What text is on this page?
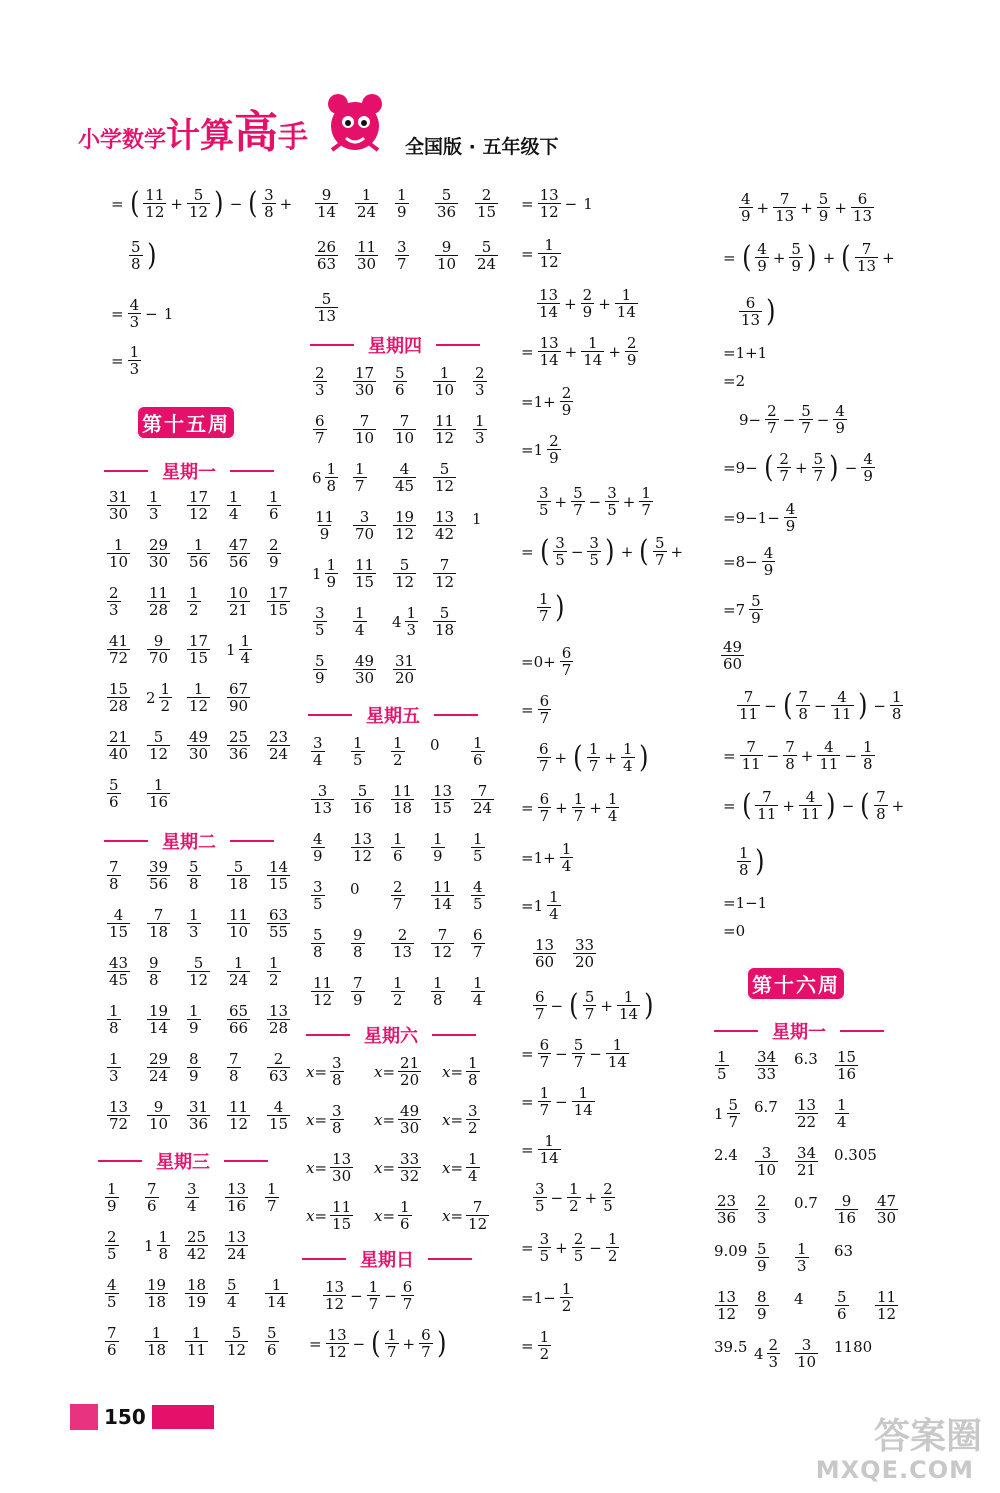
小学数学计算高手	全国版 · 五年级下
= ( 11
12 + 5
12 ) − ( 3
8 +
5
8 )
= 4
3 − 1
= 1
3
第十五周
星期一
31
30
1
3
17
12
1
4
1
6
1
10
29
30
1
56
47
56
2
9
2
3
11
28
1
2
10
21
17
15
41
72
9
70
17
15 1 1
4
15
28 2 1
2
1
12
67
90
21
40
5
12
49
30
25
36
23
24
5
6
1
16
星期二
7
8
39
56
5
8
5
18
14
15
4
15
7
18
1
3
11
10
63
55
43
45
9
8
5
12
1
24
1
2
1
8
19
14
1
9
65
66
13
28
1
3
29
24
8
9
7
8
2
63
13
72
9
10
31
36
11
12
4
15
星期三
1
9
7
6
3
4
13
16
1
7
2
5 1 1
8
25
42
13
24
4
5
19
18
18
19
5
4
1
14
7
6
1
18
1
11
5
12
5
6
9
14
1
24
1
9
5
36
2
15
26
63
11
30
3
7
9
10
5
24
5
13
星期四
2
3
17
30
5
6
1
10
2
3
6
7
7
10
7
10
11
12
1
3
6 1
8
1
7
4
45
5
12
11
9
3
70
19
12
13
42
1
1 1
9
11
15
5
12
7
12
3
5
1
4 4 1
3
5
18
5
9
49
30
31
20
星期五
3
4
1
5
1
2
0 1
6
3
13
5
16
11
18
13
15
7
24
4
9
13
12
1
6
1
9
1
5
3
5
0 2
7
11
14
4
5
5
8
9
8
2
13
7
12
6
7
11
12
7
9
1
2
1
8
1
4
星期六
$x= \frac{3}{8} x= \frac{21}{20} x= \frac{1}{8}$
$x= \frac{3}{8} x= \frac{49}{30} x= \frac{3}{2}$
$x= \frac{13}{30} x= \frac{33}{32} x= \frac{1}{4}$
$x= \frac{11}{15} x= \frac{1}{6} x= \frac{7}{12}$
星期日
13
12 − 1
7 − 6
7
= 13
12 − ( 1
7 + 6
7 )
= 13
12 − 1
= 1
12
13
14 + 2
9 + 1
14
= 13
14 + 1
14 + 2
9
=1+ 2
9
=1 2
9
3
5 + 5
7 − 3
5 + 1
7
= ( 3
5 − 3
5 ) + ( 5
7 +
1
7 )
=0+ 6
7
= 6
7
6
7 + ( 1
7 + 1
4 )
= 6
7 + 1
7 + 1
4
=1+ 1
4
=1 1
4
13
60
33
20
6
7 − ( 5
7 + 1
14 )
= 6
7 − 5
7 − 1
14
= 1
7 − 1
14
= 1
14
3
5 − 1
2 + 2
5
= 3
5 + 2
5 − 1
2
=1− 1
2
= 1
2
4
9 + 7
13 + 5
9 + 6
13
= ( 4
9 + 5
9 ) + ( 7
13 +
6
13 )
=1+1
=2
9− 2
7 − 5
7 − 4
9
=9− ( 2
7 + 5
7 ) − 4
9
=9−1− 4
9
=8− 4
9
=7 5
9
49
60
7
11 − ( 7
8 − 4
11 ) − 1
8
= 7
11 − 7
8 + 4
11 − 1
8
= ( 7
11 + 4
11 ) − ( 7
8 +
1
8 )
=1−1
=0
第十六周
星期一
1
5
34
33
6.3 15
16
1 5
7
6.7 13
22
1
4
2.4 3
10
34
21
0.305
23
36
2
3
0.7 9
16
47
30
9.09 5
9
1
3
63
13
12
8
9
4 5
6
11
12
39.5 4 2
3
3
10
1180
150	答案圈
MXQE.COM
